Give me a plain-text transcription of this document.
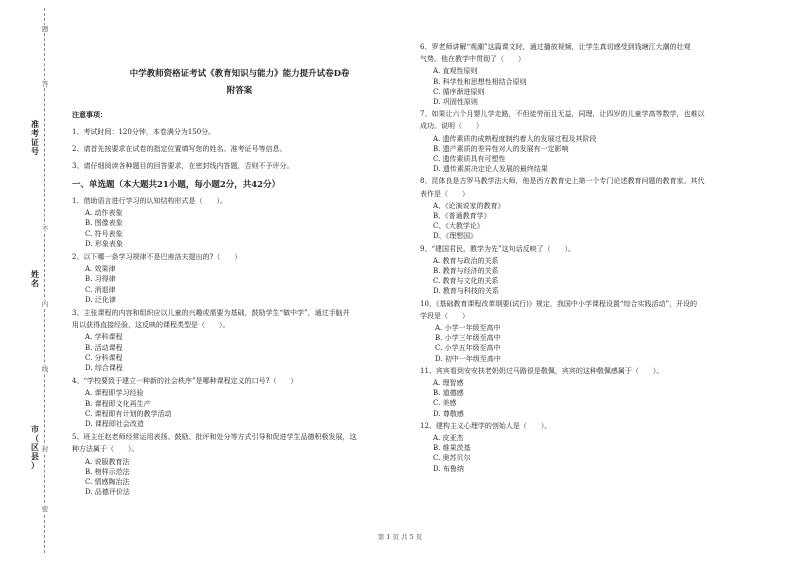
题
答
不
内
线
封
密
准
考
证
号
姓
名
市
（
区
县
）
中学教师资格证考试《教育知识与能力》能力提升试卷D卷
附答案
注意事项：
1、考试时间：120分钟，本卷满分为150分。
2、请首先按要求在试卷的指定位置填写您的姓名、准考证号等信息。
3、请仔细阅读各种题目的回答要求，在密封线内答题，否则不予评分。
一、单选题（本大题共21小题，每小题2分，共42分）
1、借助语言进行学习的认知结构形式是（　　）。
A. 动作表象
B. 图像表象
C. 符号表象
D. 形象表象
2、以下哪一条学习规律不是巴甫洛夫提出的?（　　）
A. 效果律
B. 习得律
C. 消退律
D. 泛化律
3、主张课程的内容和组织应以儿童的兴趣或需要为基础，鼓励学生“做中学”，通过手脑并
用以获得直接经验，这反映的课程类型是（　　）。
A. 学科课程
B. 活动课程
C. 分科课程
D. 综合课程
4、“学校要致于建立一种新的社会秩序”是哪种课程定义的口号?（　　）
A. 课程即学习经验
B. 课程即文化再生产
C. 课程即有计划的教学活动
D. 课程即社会改造
5、班主任赵老师经常运用表扬、鼓励、批评和处分等方式引导和促进学生品德积极发展，这
种方法属于（　　）。
A. 说服教育法
B. 榜样示范法
C. 情感陶冶法
D. 品德评价法
6、罗老师讲解“观潮”这篇课文时，通过播放视频，让学生真切感受到钱塘江大潮的壮观
气势。他在教学中贯彻了（　　）
A. 直观性原则
B. 科学性和思想性相结合原则
C. 循序渐进原则
D. 巩固性原则
7、如果让六个月婴儿学走路，不但徒劳而且无益，同理，让四岁的儿童学高等数学，也难以
成功。说明（　　）
A. 遗传素质的成熟程度制约着人的发展过程及其阶段
B. 遗产素质的差异性对人的发展有一定影响
C. 遗传素质具有可塑性
D. 遗传素质决定论人发展的最终结果
8、昆体良是古罗马教学法大师，他是西方教育史上第一个专门论述教育问题的教育家。其代
表作是（　　）
A、《论演说家的教育》
B、《普通教育学》
C、《大教学论》
D、《理想国》
9、“建国君民，教学为先”这句话反映了（　　）。
A. 教育与政治的关系
B. 教育与经济的关系
C. 教育与文化的关系
D. 教育与科技的关系
10、《基础教育课程改革纲要(试行)》规定，我国中小学课程设置“综合实践活动”，开设的
学段是（　　）
A. 小学一年级至高中
B. 小学三年级至高中
C. 小学五年级至高中
D. 初中一年级至高中
11、宾宾看到安安扶老奶奶过马路很是敬佩，宾宾的这种敬佩感属于（　　）。
A. 理智感
B. 道德感
C. 美感
D. 尊敬感
12、建构主义心理学的创始人是（　　）。
A. 皮亚杰
B. 维果茨基
C. 奥苏贝尔
D. 布鲁纳
第 1 页 共 5 页
